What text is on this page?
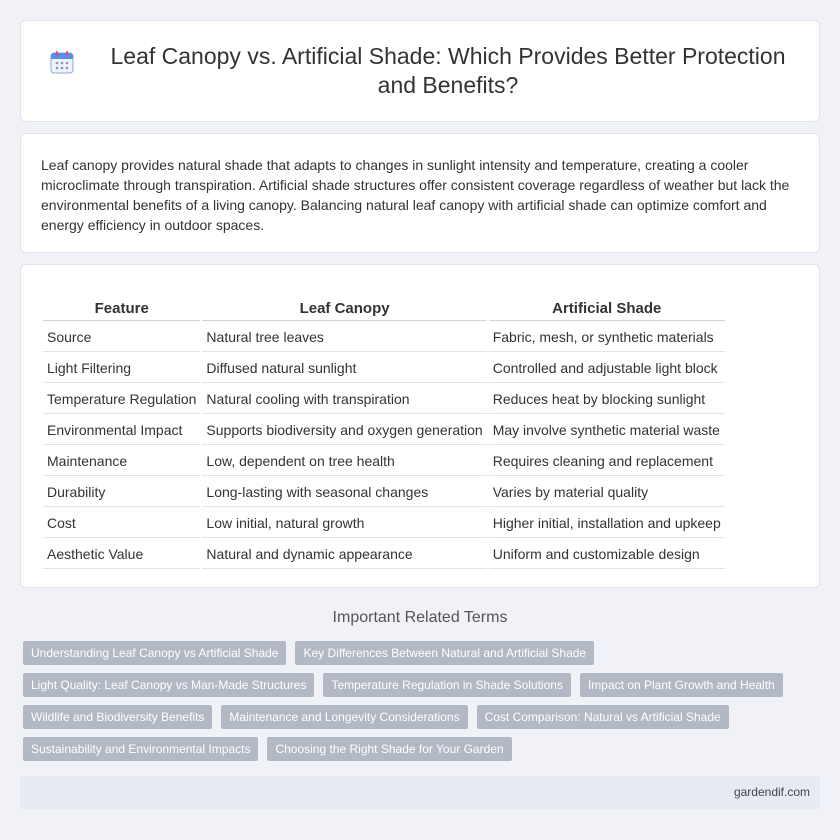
Leaf Canopy vs. Artificial Shade: Which Provides Better Protection and Benefits?

Leaf canopy provides natural shade that adapts to changes in sunlight intensity and temperature, creating a cooler microclimate through transpiration. Artificial shade structures offer consistent coverage regardless of weather but lack the environmental benefits of a living canopy. Balancing natural leaf canopy with artificial shade can optimize comfort and energy efficiency in outdoor spaces.

Feature	Leaf Canopy	Artificial Shade
Source	Natural tree leaves	Fabric, mesh, or synthetic materials
Light Filtering	Diffused natural sunlight	Controlled and adjustable light block
Temperature Regulation	Natural cooling with transpiration	Reduces heat by blocking sunlight
Environmental Impact	Supports biodiversity and oxygen generation	May involve synthetic material waste
Maintenance	Low, dependent on tree health	Requires cleaning and replacement
Durability	Long-lasting with seasonal changes	Varies by material quality
Cost	Low initial, natural growth	Higher initial, installation and upkeep
Aesthetic Value	Natural and dynamic appearance	Uniform and customizable design
Important Related Terms
Understanding Leaf Canopy vs Artificial Shade	Key Differences Between Natural and Artificial Shade
Light Quality: Leaf Canopy vs Man-Made Structures	Temperature Regulation in Shade Solutions	Impact on Plant Growth and Health
Wildlife and Biodiversity Benefits	Maintenance and Longevity Considerations	Cost Comparison: Natural vs Artificial Shade
Sustainability and Environmental Impacts	Choosing the Right Shade for Your Garden
gardendif.com
